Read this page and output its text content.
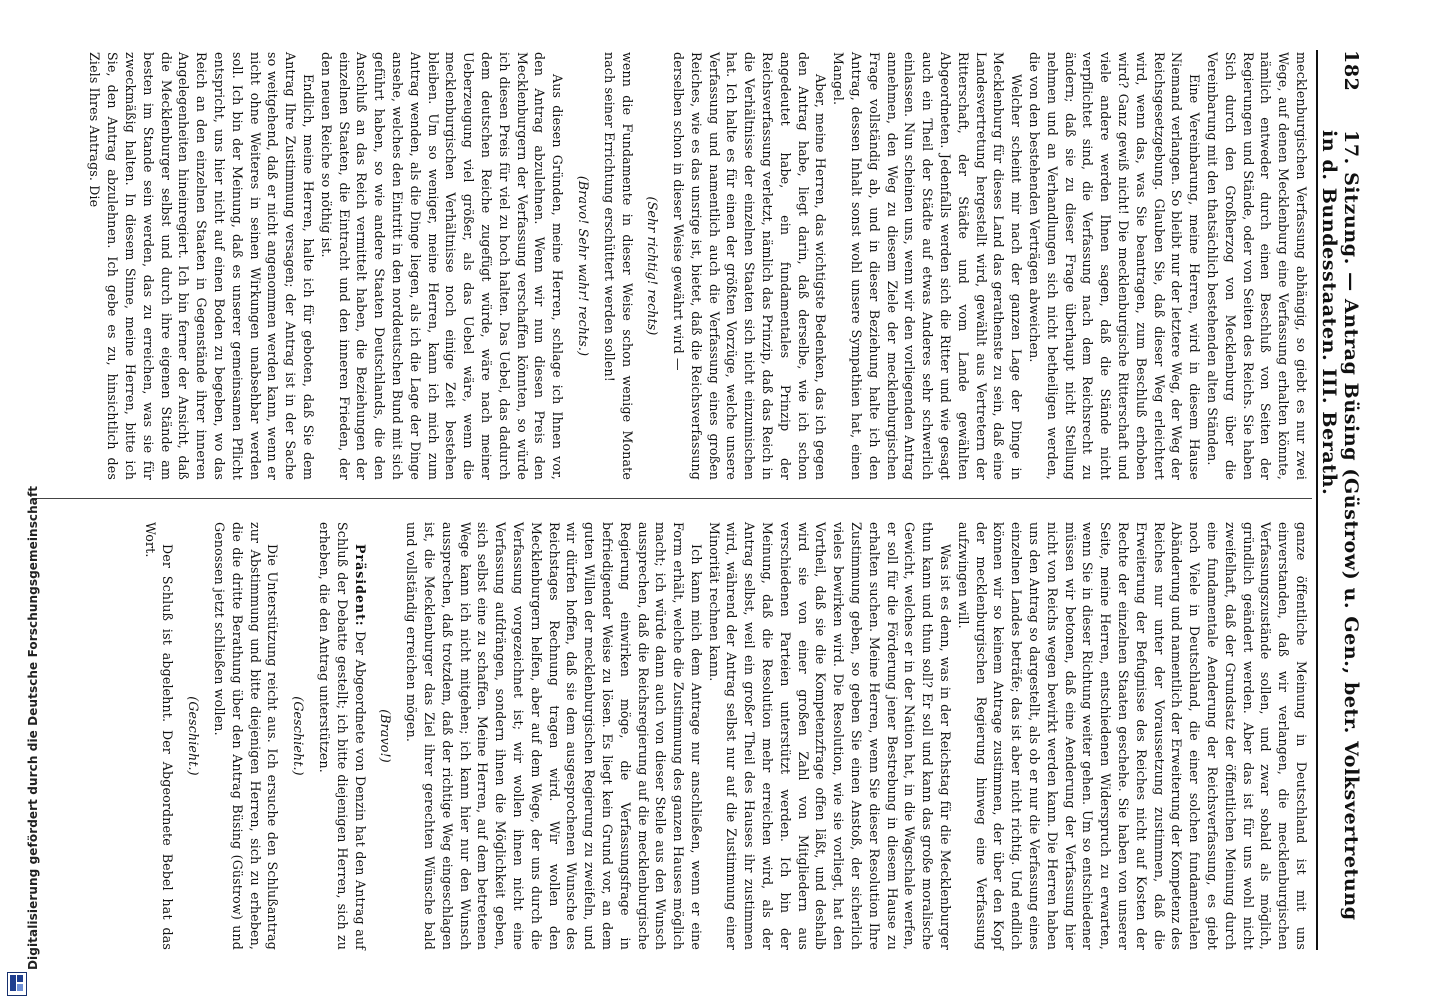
182
17. Sitzung. — Antrag Büsing (Güstrow) u. Gen., betr. Volksvertretung in d. Bundesstaaten. III. Berath.

mecklenburgischen Verfassung abhängig, so giebt es nur zwei Wege, auf denen Mecklenburg eine Verfassung erhalten könnte, nämlich entweder durch einen Beschluß von Seiten der Regierungen und Stände, oder von Seiten des Reichs. Sie haben Sich durch den Großherzog von Mecklenburg über die Vereinbarung mit den thatsächlich bestehenden alten Ständen.

Eine Vereinbarung, meine Herren, wird in diesem Hause Niemand verlangen. So bleibt nur der letztere Weg, der Weg der Reichsgesetzgebung. Glauben Sie, daß dieser Weg erleichtert wird, wenn das, was Sie beantragen, zum Beschluß erhoben wird? Ganz gewiß nicht! Die mecklenburgische Ritterschaft und viele andere werden Ihnen sagen, daß die Stände nicht verpflichtet sind, die Verfassung nach dem Reichsrecht zu ändern; daß sie zu dieser Frage überhaupt nicht Stellung nehmen und an Verhandlungen sich nicht betheiligen werden, die von den bestehenden Verträgen abweichen.

Welcher scheint mir nach der ganzen Lage der Dinge in Mecklenburg für dieses Land das gerathenste zu sein, daß eine Landesvertretung hergestellt wird, gewählt aus Vertretern der Ritterschaft, der Städte und vom Lande gewählten Abgeordneten. Jedenfalls werden sich die Ritter und wie gesagt auch ein Theil der Städte auf etwas Anderes sehr schwerlich einlassen. Nun scheinen uns, wenn wir den vorliegenden Antrag annehmen, den Weg zu diesem Ziele der mecklenburgischen Frage vollständig ab, und in dieser Beziehung halte ich den Antrag, dessen Inhalt sonst wohl unsere Sympathien hat, einen Mangel.

Aber, meine Herren, das wichtigste Bedenken, das ich gegen den Antrag habe, liegt darin, daß derselbe, wie ich schon angedeutet habe, ein fundamentales Prinzip der Reichsverfassung verletzt, nämlich das Prinzip, daß das Reich in die Verhältnisse der einzelnen Staaten sich nicht einzumischen hat. Ich halte es für einen der größten Vorzüge, welche unsere Verfassung und namentlich auch die Verfassung eines großen Reiches, wie es das unsrige ist, bietet, daß die Reichsverfassung derselben schon in dieser Weise gewährt wird —

(Sehr richtig! rechts)

wenn die Fundamente in dieser Weise schon wenige Monate nach seiner Errichtung erschüttert werden sollen!

(Bravo! Sehr wahr! rechts.)

Aus diesen Gründen, meine Herren, schlage ich Ihnen vor, den Antrag abzulehnen. Wenn wir nun diesen Preis den Mecklenburgern der Verfassung verschaffen könnten, so würde ich diesen Preis für viel zu hoch halten. Das Uebel, das dadurch dem deutschen Reiche zugefügt würde, wäre nach meiner Ueberzeugung viel größer, als das Uebel wäre, wenn die mecklenburgischen Verhältnisse noch einige Zeit bestehen bleiben. Um so weniger, meine Herren, kann ich mich zum Antrag wenden, als die Dinge liegen, als ich die Lage der Dinge ansehe, welches den Eintritt in den norddeutschen Bund mit sich geführt haben, so wie andere Staaten Deutschlands, die den Anschluß an das Reich vermittelt haben, die Beziehungen der einzelnen Staaten, die Eintracht und den inneren Frieden, der den neuen Reiche so nöthig ist.

Endlich, meine Herren, halte ich für geboten, daß Sie dem Antrag Ihre Zustimmung versagen; der Antrag ist in der Sache so weitgehend, daß er nicht angenommen werden kann, wenn er nicht ohne Weiteres in seinen Wirkungen unabsehbar werden soll. Ich bin der Meinung, daß es unserer gemeinsamen Pflicht entspricht, uns hier nicht auf einen Boden zu begeben, wo das Reich an den einzelnen Staaten in Gegenstände ihrer inneren Angelegenheiten hineinregiert. Ich bin ferner der Ansicht, daß die Mecklenburger selbst und durch ihre eigenen Stände am besten im Stande sein werden, das zu erreichen, was sie für zweckmäßig halten. In diesem Sinne, meine Herren, bitte ich Sie, den Antrag abzulehnen. Ich gebe es zu, hinsichtlich des Ziels Ihres Antrags. Die

ganze öffentliche Meinung in Deutschland ist mit uns einverstanden, daß wir verlangen, die mecklenburgischen Verfassungszustände sollen, und zwar sobald als möglich, gründlich geändert werden. Aber das ist für uns wohl nicht zweifelhaft, daß der Grundsatz der öffentlichen Meinung durch eine fundamentale Aenderung der Reichsverfassung, es giebt noch Viele in Deutschland, die einer solchen fundamentalen Abänderung und namentlich der Erweiterung der Kompetenz des Reiches nur unter der Voraussetzung zustimmen, daß die Erweiterung der Befugnisse des Reiches nicht auf Kosten der Rechte der einzelnen Staaten geschehe. Sie haben von unserer Seite, meine Herren, entschiedenen Widerspruch zu erwarten, wenn Sie in dieser Richtung weiter gehen. Um so entschiedener müssen wir betonen, daß eine Aenderung der Verfassung hier nicht von Reichs wegen bewirkt werden kann. Die Herren haben uns den Antrag so dargestellt, als ob er nur die Verfassung eines einzelnen Landes beträfe; das ist aber nicht richtig. Und endlich können wir so keinem Antrage zustimmen, der über den Kopf der mecklenburgischen Regierung hinweg eine Verfassung aufzwingen will.

Was ist es denn, was in der Reichstag für die Mecklenburger thun kann und thun soll? Er soll und kann das große moralische Gewicht, welches er in der Nation hat, in die Wagschale werfen, er soll für die Förderung jener Bestrebung in diesem Hause zu erhalten suchen. Meine Herren, wenn Sie dieser Resolution Ihre Zustimmung geben, so geben Sie einen Anstoß, der sicherlich vieles bewirken wird. Die Resolution, wie sie vorliegt, hat den Vortheil, daß sie die Kompetenzfrage offen läßt, und deshalb wird sie von einer großen Zahl von Mitgliedern aus verschiedenen Parteien unterstützt werden. Ich bin der Meinung, daß die Resolution mehr erreichen wird, als der Antrag selbst, weil ein großer Theil des Hauses ihr zustimmen wird, während der Antrag selbst nur auf die Zustimmung einer Minorität rechnen kann.

Ich kann mich dem Antrage nur anschließen, wenn er eine Form erhält, welche die Zustimmung des ganzen Hauses möglich macht; ich würde dann auch von dieser Stelle aus den Wunsch aussprechen, daß die Reichsregierung auf die mecklenburgische Regierung einwirken möge, die Verfassungsfrage in befriedigender Weise zu lösen. Es liegt kein Grund vor, an dem guten Willen der mecklenburgischen Regierung zu zweifeln, und wir dürfen hoffen, daß sie dem ausgesprochenen Wunsche des Reichstages Rechnung tragen wird. Wir wollen den Mecklenburgern helfen, aber auf dem Wege, der uns durch die Verfassung vorgezeichnet ist; wir wollen ihnen nicht eine Verfassung aufdrängen, sondern ihnen die Möglichkeit geben, sich selbst eine zu schaffen. Meine Herren, auf dem betretenen Wege kann ich nicht mitgehen; ich kann hier nur den Wunsch aussprechen, daß trotzdem, daß der richtige Weg eingeschlagen ist, die Mecklenburger das Ziel ihrer gerechten Wünsche bald und vollständig erreichen mögen.

(Bravo!)

Präsident: Der Abgeordnete von Denzin hat den Antrag auf Schluß der Debatte gestellt; ich bitte diejenigen Herren, sich zu erheben, die den Antrag unterstützen.

(Geschieht.)

Die Unterstützung reicht aus. Ich ersuche den Schlußantrag zur Abstimmung und bitte diejenigen Herren, sich zu erheben, die die dritte Berathung über den Antrag Büsing (Güstrow) und Genossen jetzt schließen wollen.

(Geschieht.)

Der Schluß ist abgelehnt. Der Abgeordnete Bebel hat das Wort.

Digitalisierung gefördert durch die Deutsche Forschungsgemeinschaft
